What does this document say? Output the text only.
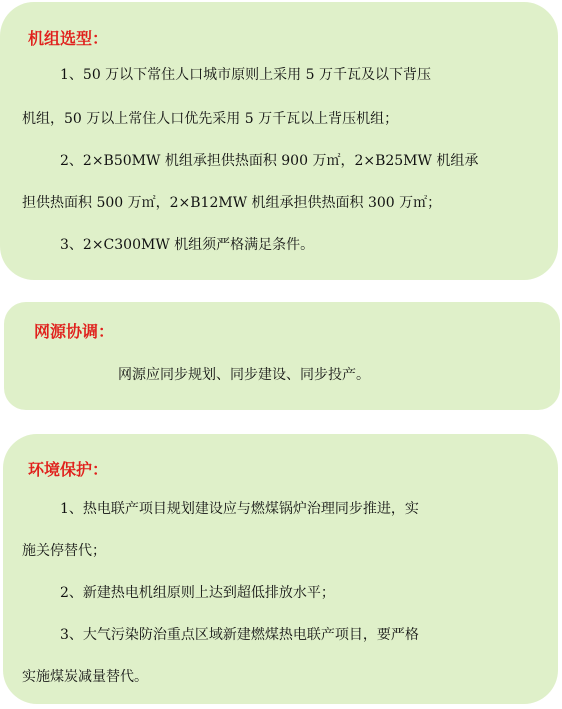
机组选型：
1、50 万以下常住人口城市原则上采用 5 万千瓦及以下背压
机组，50 万以上常住人口优先采用 5 万千瓦以上背压机组；
2、2×B50MW 机组承担供热面积 900 万㎡，2×B25MW 机组承
担供热面积 500 万㎡，2×B12MW 机组承担供热面积 300 万㎡；
3、2×C300MW 机组须严格满足条件。
网源协调：
网源应同步规划、同步建设、同步投产。
环境保护：
1、热电联产项目规划建设应与燃煤锅炉治理同步推进，实
施关停替代；
2、新建热电机组原则上达到超低排放水平；
3、大气污染防治重点区域新建燃煤热电联产项目，要严格
实施煤炭减量替代。
